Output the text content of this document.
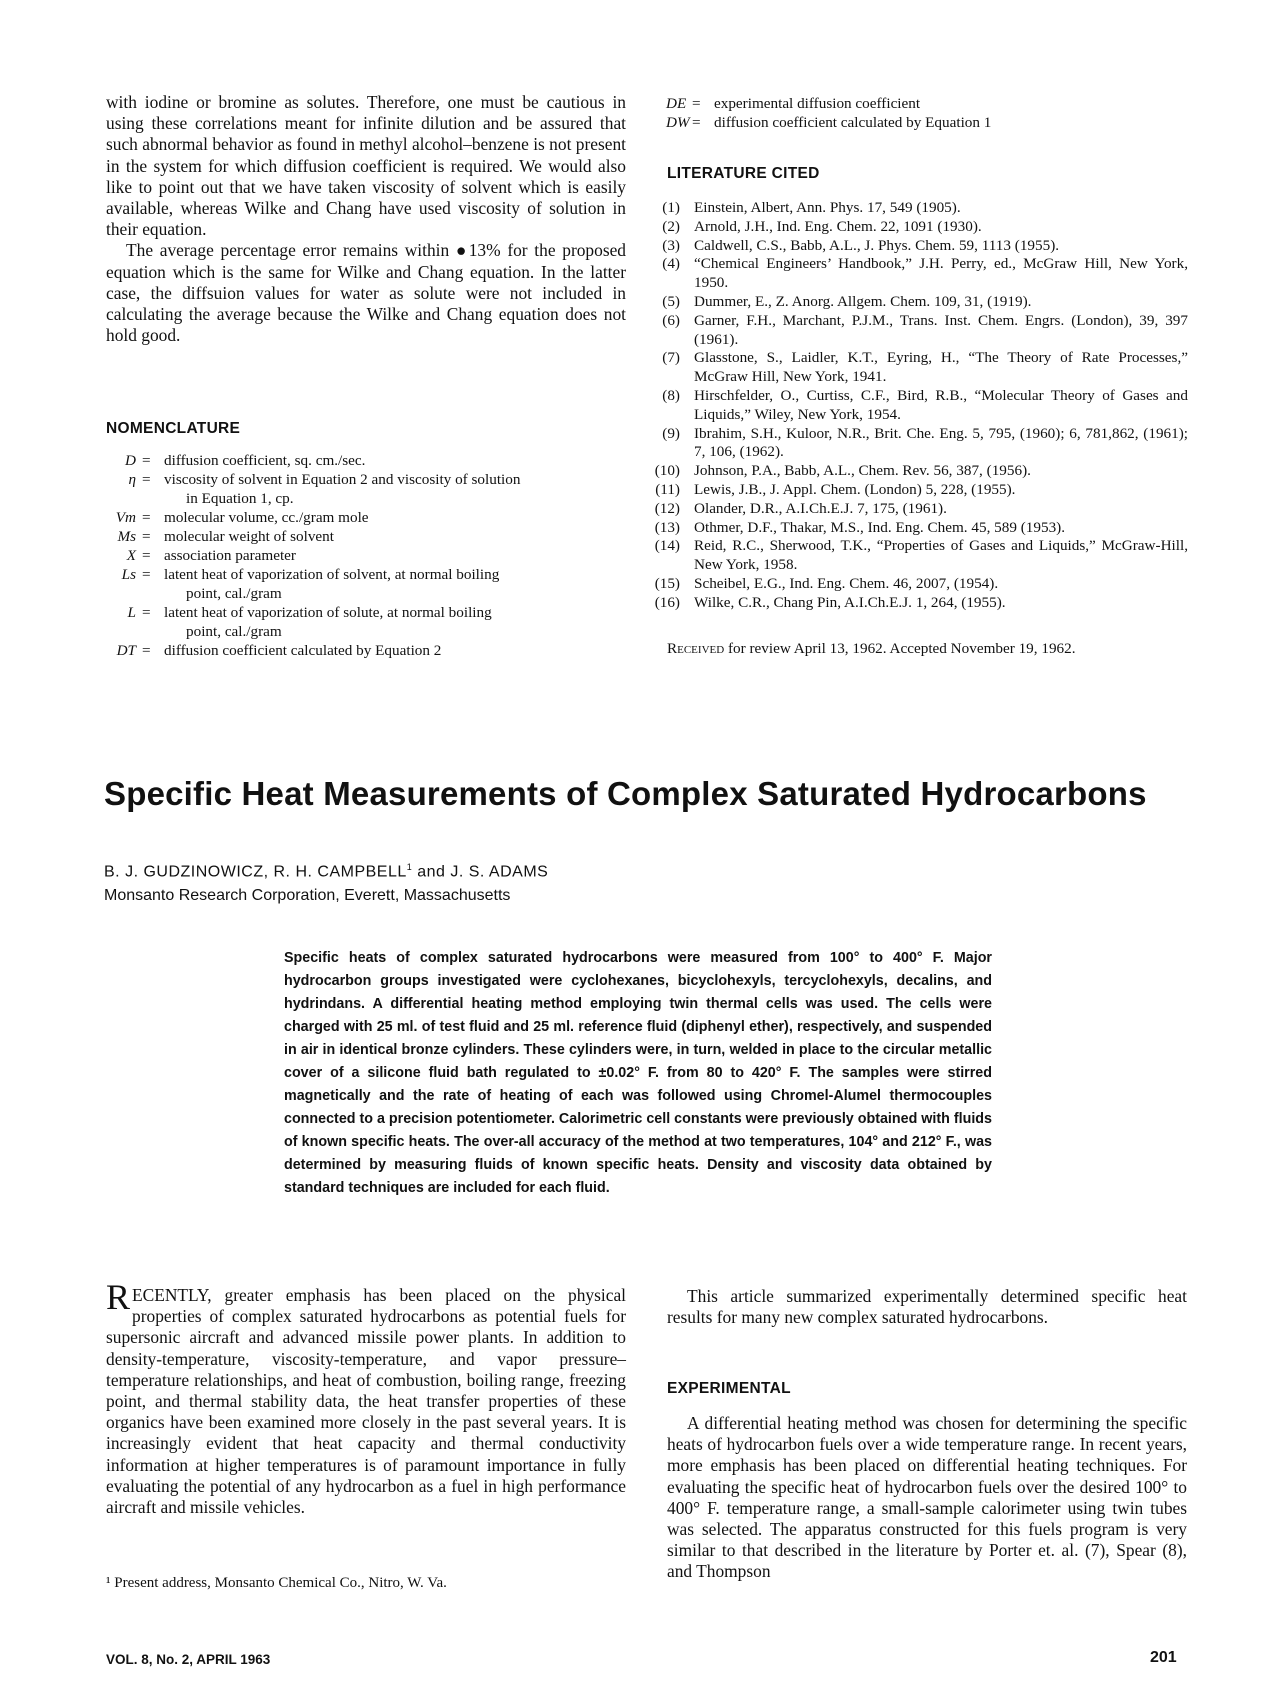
with iodine or bromine as solutes. Therefore, one must be cautious in using these correlations meant for infinite dilution and be assured that such abnormal behavior as found in methyl alcohol–benzene is not present in the system for which diffusion coefficient is required. We would also like to point out that we have taken viscosity of solvent which is easily available, whereas Wilke and Chang have used viscosity of solution in their equation.

The average percentage error remains within ●13% for the proposed equation which is the same for Wilke and Chang equation. In the latter case, the diffsuion values for water as solute were not included in calculating the average because the Wilke and Chang equation does not hold good.

NOMENCLATURE
D = diffusion coefficient, sq. cm./sec.
η = viscosity of solvent in Equation 2 and viscosity of solution
in Equation 1, cp.
Vm = molecular volume, cc./gram mole
Ms = molecular weight of solvent
X = association parameter
Ls = latent heat of vaporization of solvent, at normal boiling
point, cal./gram
L = latent heat of vaporization of solute, at normal boiling
point, cal./gram
DT = diffusion coefficient calculated by Equation 2
DE = experimental diffusion coefficient
DW = diffusion coefficient calculated by Equation 1
LITERATURE CITED
(1) Einstein, Albert, Ann. Phys. 17, 549 (1905).
(2) Arnold, J.H., Ind. Eng. Chem. 22, 1091 (1930).
(3) Caldwell, C.S., Babb, A.L., J. Phys. Chem. 59, 1113 (1955).
(4) “Chemical Engineers’ Handbook,” J.H. Perry, ed., McGraw Hill, New York, 1950.
(5) Dummer, E., Z. Anorg. Allgem. Chem. 109, 31, (1919).
(6) Garner, F.H., Marchant, P.J.M., Trans. Inst. Chem. Engrs. (London), 39, 397 (1961).
(7) Glasstone, S., Laidler, K.T., Eyring, H., “The Theory of Rate Processes,” McGraw Hill, New York, 1941.
(8) Hirschfelder, O., Curtiss, C.F., Bird, R.B., “Molecular Theory of Gases and Liquids,” Wiley, New York, 1954.
(9) Ibrahim, S.H., Kuloor, N.R., Brit. Che. Eng. 5, 795, (1960); 6, 781,862, (1961); 7, 106, (1962).
(10) Johnson, P.A., Babb, A.L., Chem. Rev. 56, 387, (1956).
(11) Lewis, J.B., J. Appl. Chem. (London) 5, 228, (1955).
(12) Olander, D.R., A.I.Ch.E.J. 7, 175, (1961).
(13) Othmer, D.F., Thakar, M.S., Ind. Eng. Chem. 45, 589 (1953).
(14) Reid, R.C., Sherwood, T.K., “Properties of Gases and Liquids,” McGraw-Hill, New York, 1958.
(15) Scheibel, E.G., Ind. Eng. Chem. 46, 2007, (1954).
(16) Wilke, C.R., Chang Pin, A.I.Ch.E.J. 1, 264, (1955).
Received for review April 13, 1962. Accepted November 19, 1962.
Specific Heat Measurements of Complex Saturated Hydrocarbons
B. J. GUDZINOWICZ, R. H. CAMPBELL$^1$ and J. S. ADAMS
Monsanto Research Corporation, Everett, Massachusetts

Specific heats of complex saturated hydrocarbons were measured from 100° to 400° F. Major hydrocarbon groups investigated were cyclohexanes, bicyclohexyls, tercyclohexyls, decalins, and hydrindans. A differential heating method employing twin thermal cells was used. The cells were charged with 25 ml. of test fluid and 25 ml. reference fluid (diphenyl ether), respectively, and suspended in air in identical bronze cylinders. These cylinders were, in turn, welded in place to the circular metallic cover of a silicone fluid bath regulated to ±0.02° F. from 80 to 420° F. The samples were stirred magnetically and the rate of heating of each was followed using Chromel-Alumel thermocouples connected to a precision potentiometer. Calorimetric cell constants were previously obtained with fluids of known specific heats. The over-all accuracy of the method at two temperatures, 104° and 212° F., was determined by measuring fluids of known specific heats. Density and viscosity data obtained by standard techniques are included for each fluid.

RECENTLY, greater emphasis has been placed on the physical properties of complex saturated hydrocarbons as potential fuels for supersonic aircraft and advanced missile power plants. In addition to density-temperature, viscosity-temperature, and vapor pressure–temperature relationships, and heat of combustion, boiling range, freezing point, and thermal stability data, the heat transfer properties of these organics have been examined more closely in the past several years. It is increasingly evident that heat capacity and thermal conductivity information at higher temperatures is of paramount importance in fully evaluating the potential of any hydrocarbon as a fuel in high performance aircraft and missile vehicles.

¹ Present address, Monsanto Chemical Co., Nitro, W. Va.

This article summarized experimentally determined specific heat results for many new complex saturated hydrocarbons.

EXPERIMENTAL

A differential heating method was chosen for determining the specific heats of hydrocarbon fuels over a wide temperature range. In recent years, more emphasis has been placed on differential heating techniques. For evaluating the specific heat of hydrocarbon fuels over the desired 100° to 400° F. temperature range, a small-sample calorimeter using twin tubes was selected. The apparatus constructed for this fuels program is very similar to that described in the literature by Porter et. al. (7), Spear (8), and Thompson

VOL. 8, No. 2, APRIL 1963	201
